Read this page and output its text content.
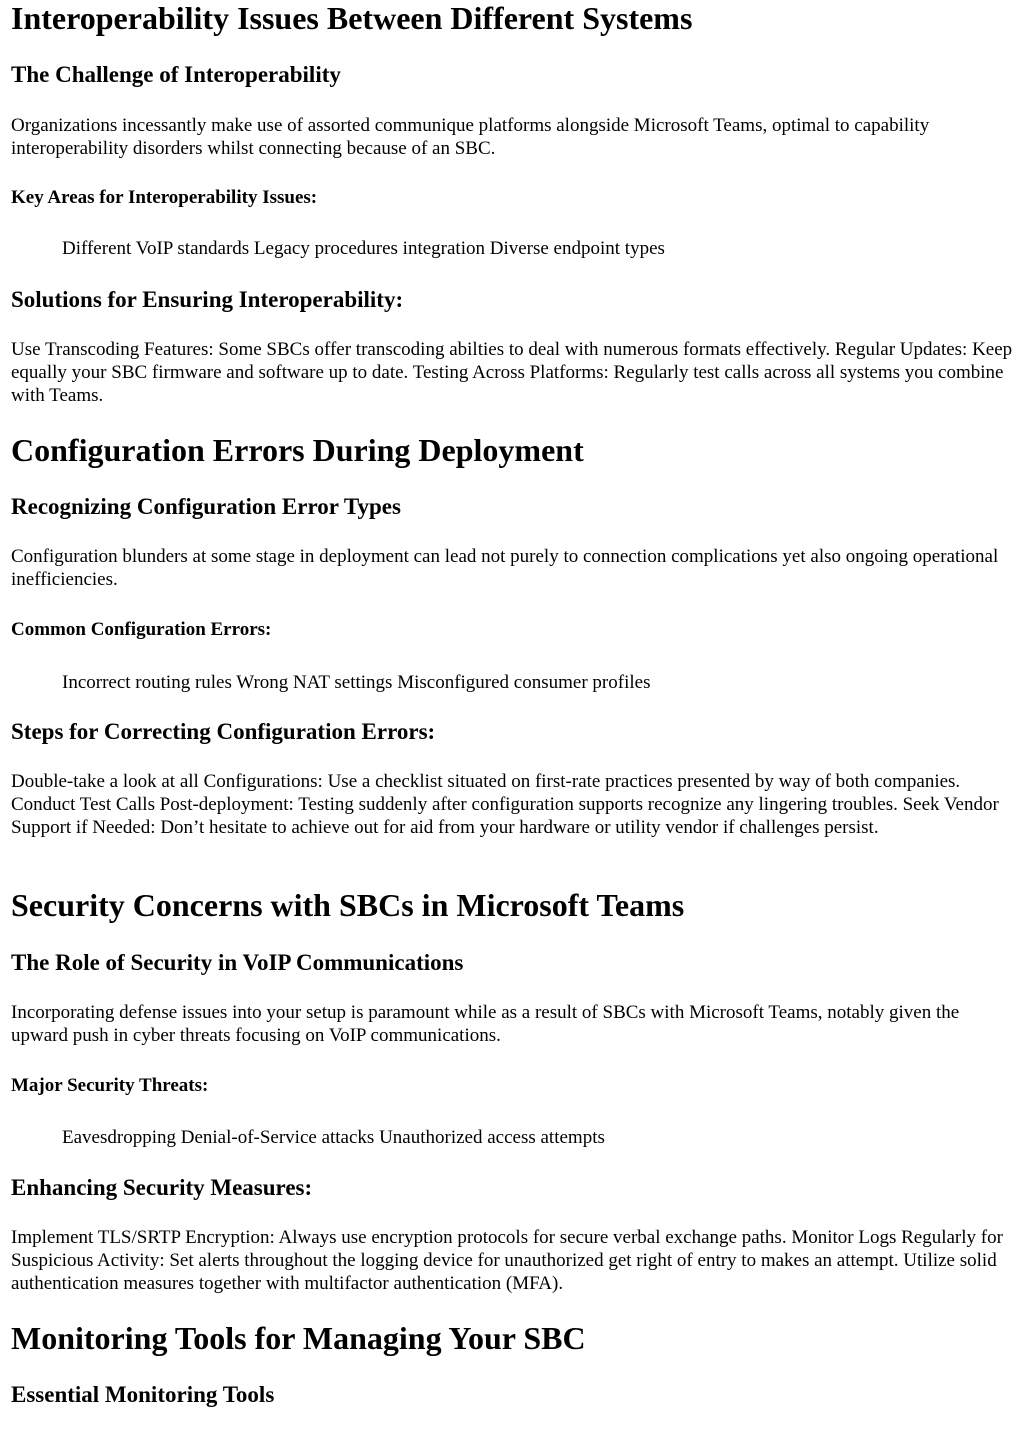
Interoperability Issues Between Different Systems
The Challenge of Interoperability

Organizations incessantly make use of assorted communique platforms alongside Microsoft Teams, optimal to capability interoperability disorders whilst connecting because of an SBC.

Key Areas for Interoperability Issues:
Different VoIP standards Legacy procedures integration Diverse endpoint types
Solutions for Ensuring Interoperability:

Use Transcoding Features: Some SBCs offer transcoding abilties to deal with numerous formats effectively. Regular Updates: Keep equally your SBC firmware and software up to date. Testing Across Platforms: Regularly test calls across all systems you combine with Teams.

Configuration Errors During Deployment
Recognizing Configuration Error Types

Configuration blunders at some stage in deployment can lead not purely to connection complications yet also ongoing operational inefficiencies.

Common Configuration Errors:
Incorrect routing rules Wrong NAT settings Misconfigured consumer profiles
Steps for Correcting Configuration Errors:

Double-take a look at all Configurations: Use a checklist situated on first-rate practices presented by way of both companies. Conduct Test Calls Post-deployment: Testing suddenly after configuration supports recognize any lingering troubles. Seek Vendor Support if Needed: Don’t hesitate to achieve out for aid from your hardware or utility vendor if challenges persist.

Security Concerns with SBCs in Microsoft Teams
The Role of Security in VoIP Communications

Incorporating defense issues into your setup is paramount while as a result of SBCs with Microsoft Teams, notably given the upward push in cyber threats focusing on VoIP communications.

Major Security Threats:
Eavesdropping Denial-of-Service attacks Unauthorized access attempts
Enhancing Security Measures:

Implement TLS/SRTP Encryption: Always use encryption protocols for secure verbal exchange paths. Monitor Logs Regularly for Suspicious Activity: Set alerts throughout the logging device for unauthorized get right of entry to makes an attempt. Utilize solid authentication measures together with multifactor authentication (MFA).

Monitoring Tools for Managing Your SBC
Essential Monitoring Tools
